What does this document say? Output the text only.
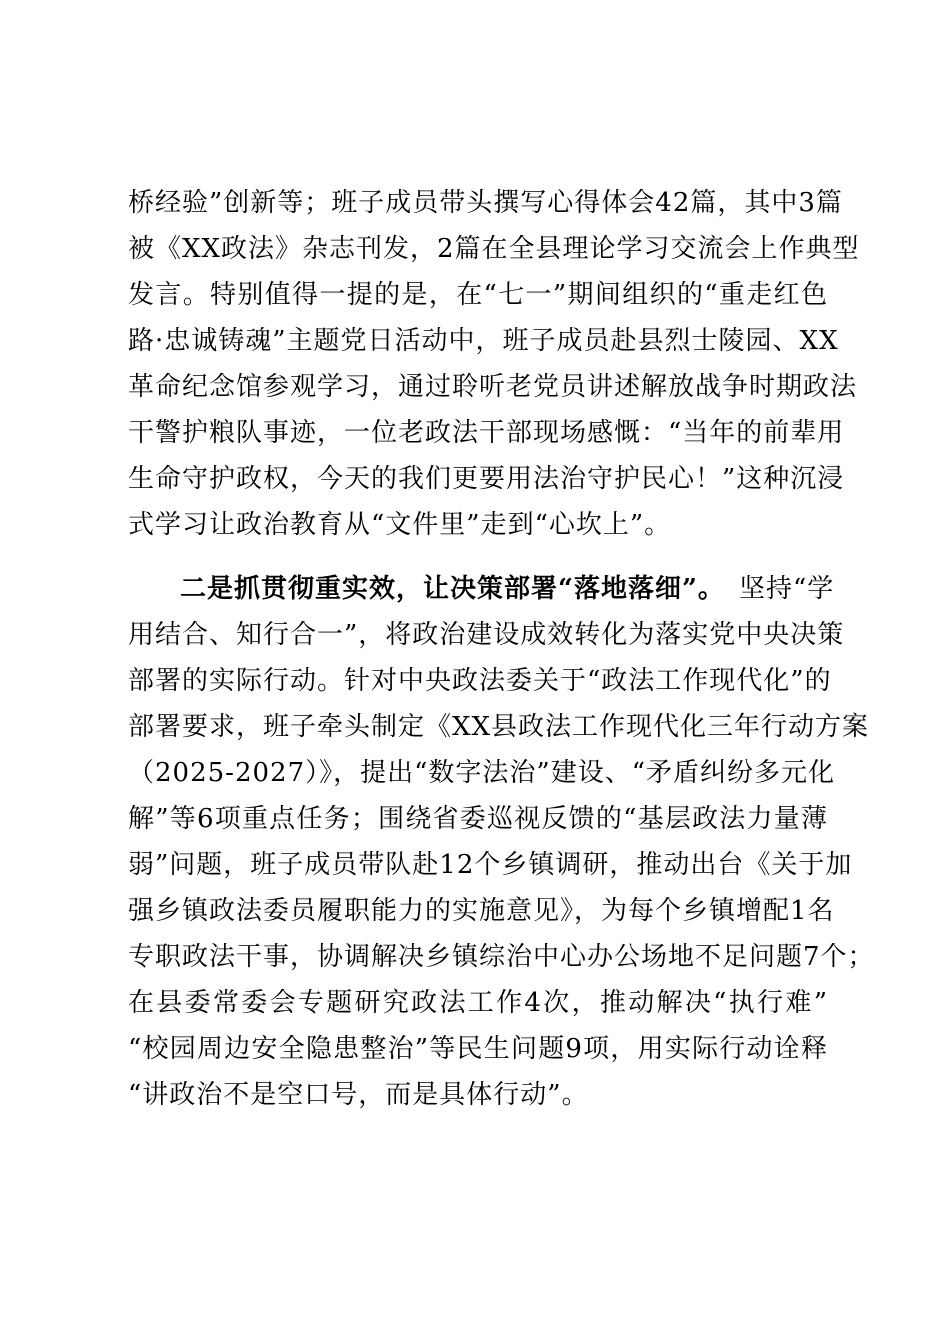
桥经验”创新等；班子成员带头撰写心得体会42篇，其中3篇
被《XX政法》杂志刊发，2篇在全县理论学习交流会上作典型
发言。特别值得一提的是，在“七一”期间组织的“重走红色
路·忠诚铸魂”主题党日活动中，班子成员赴县烈士陵园、XX
革命纪念馆参观学习，通过聆听老党员讲述解放战争时期政法
干警护粮队事迹，一位老政法干部现场感慨：“当年的前辈用
生命守护政权，今天的我们更要用法治守护民心！”这种沉浸
式学习让政治教育从“文件里”走到“心坎上”。
二是抓贯彻重实效，让决策部署“落地落细”。　 坚持“学
用结合、知行合一”，将政治建设成效转化为落实党中央决策
部署的实际行动。针对中央政法委关于“政法工作现代化”的
部署要求，班子牵头制定《XX县政法工作现代化三年行动方案
（2025-2027）》，提出“数字法治”建设、“矛盾纠纷多元化
解”等6项重点任务；围绕省委巡视反馈的“基层政法力量薄
弱”问题，班子成员带队赴12个乡镇调研，推动出台《关于加
强乡镇政法委员履职能力的实施意见》，为每个乡镇增配1名
专职政法干事，协调解决乡镇综治中心办公场地不足问题7个；
在县委常委会专题研究政法工作4次，推动解决“执行难”
“校园周边安全隐患整治”等民生问题9项，用实际行动诠释
“讲政治不是空口号，而是具体行动”。
